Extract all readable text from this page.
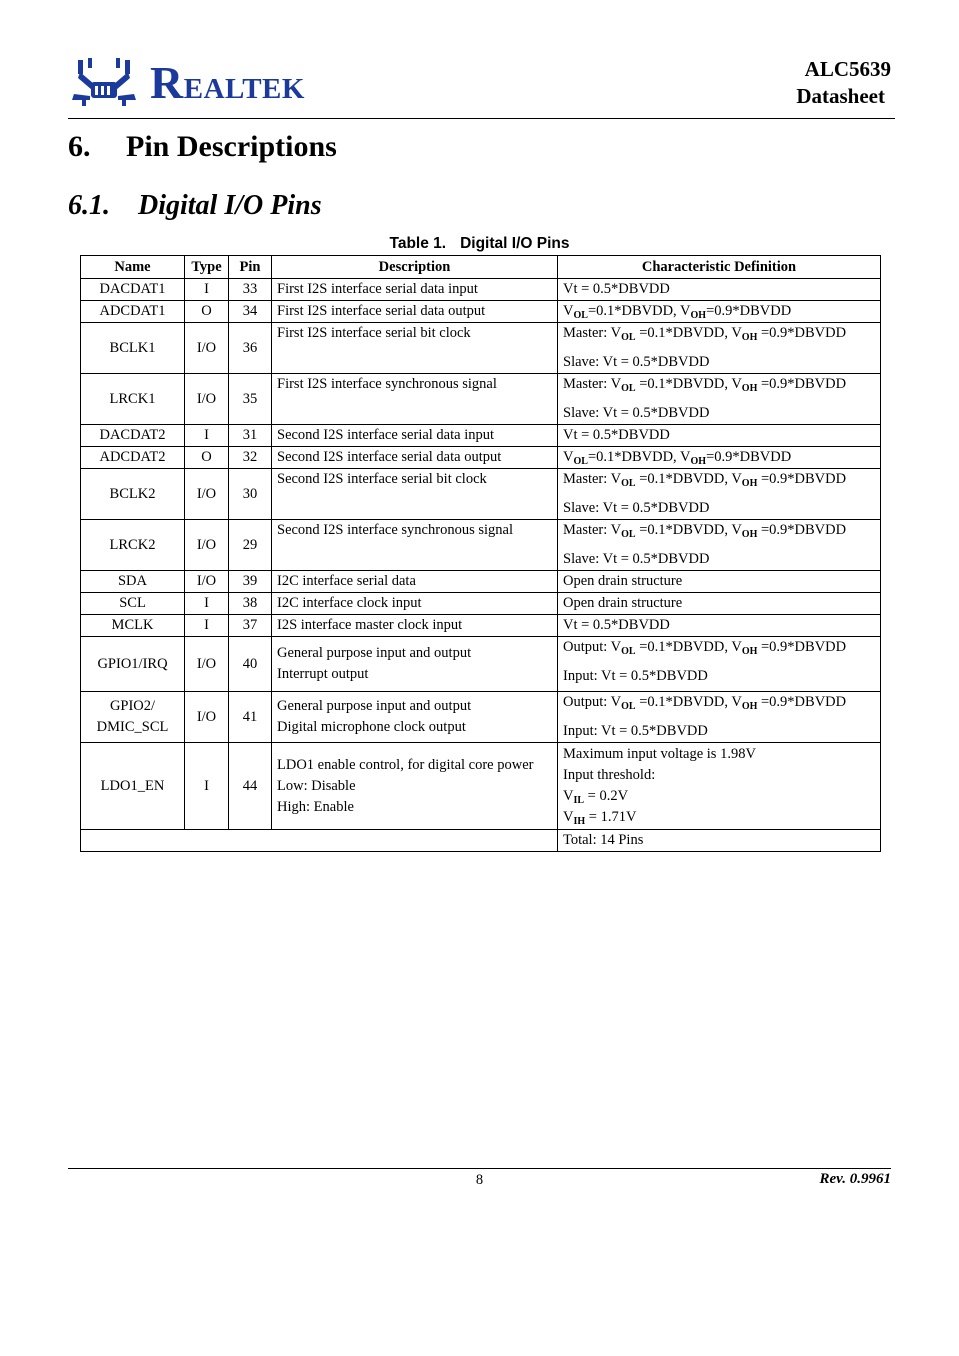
Realtek	ALC5639
Datasheet
6. Pin Descriptions
6.1. Digital I/O Pins
Table 1. Digital I/O Pins
Name	Type	Pin	Description	Characteristic Definition

DACDAT1	I	33	First I2S interface serial data input	Vt = 0.5*DBVDD

ADCDAT1	O	34	First I2S interface serial data output	$V_{OL}=0.1*DBVDD$, $V_{OH}=0.9*DBVDD$

BCLK1	I/O	36	First I2S interface serial bit clock	Master: $V_{OL}$ =0.1*DBVDD, $V_{OH}$ =0.9*DBVDD
Slave: Vt = 0.5*DBVDD

LRCK1	I/O	35	First I2S interface synchronous signal	Master: $V_{OL}$ =0.1*DBVDD, $V_{OH}$ =0.9*DBVDD
Slave: Vt = 0.5*DBVDD

DACDAT2	I	31	Second I2S interface serial data input	Vt = 0.5*DBVDD

ADCDAT2	O	32	Second I2S interface serial data output	$V_{OL}=0.1*DBVDD$, $V_{OH}=0.9*DBVDD$

BCLK2	I/O	30	Second I2S interface serial bit clock	Master: $V_{OL}$ =0.1*DBVDD, $V_{OH}$ =0.9*DBVDD
Slave: Vt = 0.5*DBVDD

LRCK2	I/O	29	Second I2S interface synchronous signal	Master: $V_{OL}$ =0.1*DBVDD, $V_{OH}$ =0.9*DBVDD
Slave: Vt = 0.5*DBVDD

SDA	I/O	39	I2C interface serial data	Open drain structure

SCL	I	38	I2C interface clock input	Open drain structure

MCLK	I	37	I2S interface master clock input	Vt = 0.5*DBVDD

GPIO1/IRQ	I/O	40	General purpose input and output
Interrupt output	Output: $V_{OL}$ =0.1*DBVDD, $V_{OH}$ =0.9*DBVDD
Input: Vt = 0.5*DBVDD

GPIO2/
DMIC_SCL	I/O	41	General purpose input and output
Digital microphone clock output	Output: $V_{OL}$ =0.1*DBVDD, $V_{OH}$ =0.9*DBVDD
Input: Vt = 0.5*DBVDD

LDO1_EN	I	44	LDO1 enable control, for digital core power
Low: Disable
High: Enable	Maximum input voltage is 1.98V
Input threshold:
$V_{IL} = 0.2V$
$V_{IH} = 1.71V$

				Total: 14 Pins
8	Rev. 0.9961
